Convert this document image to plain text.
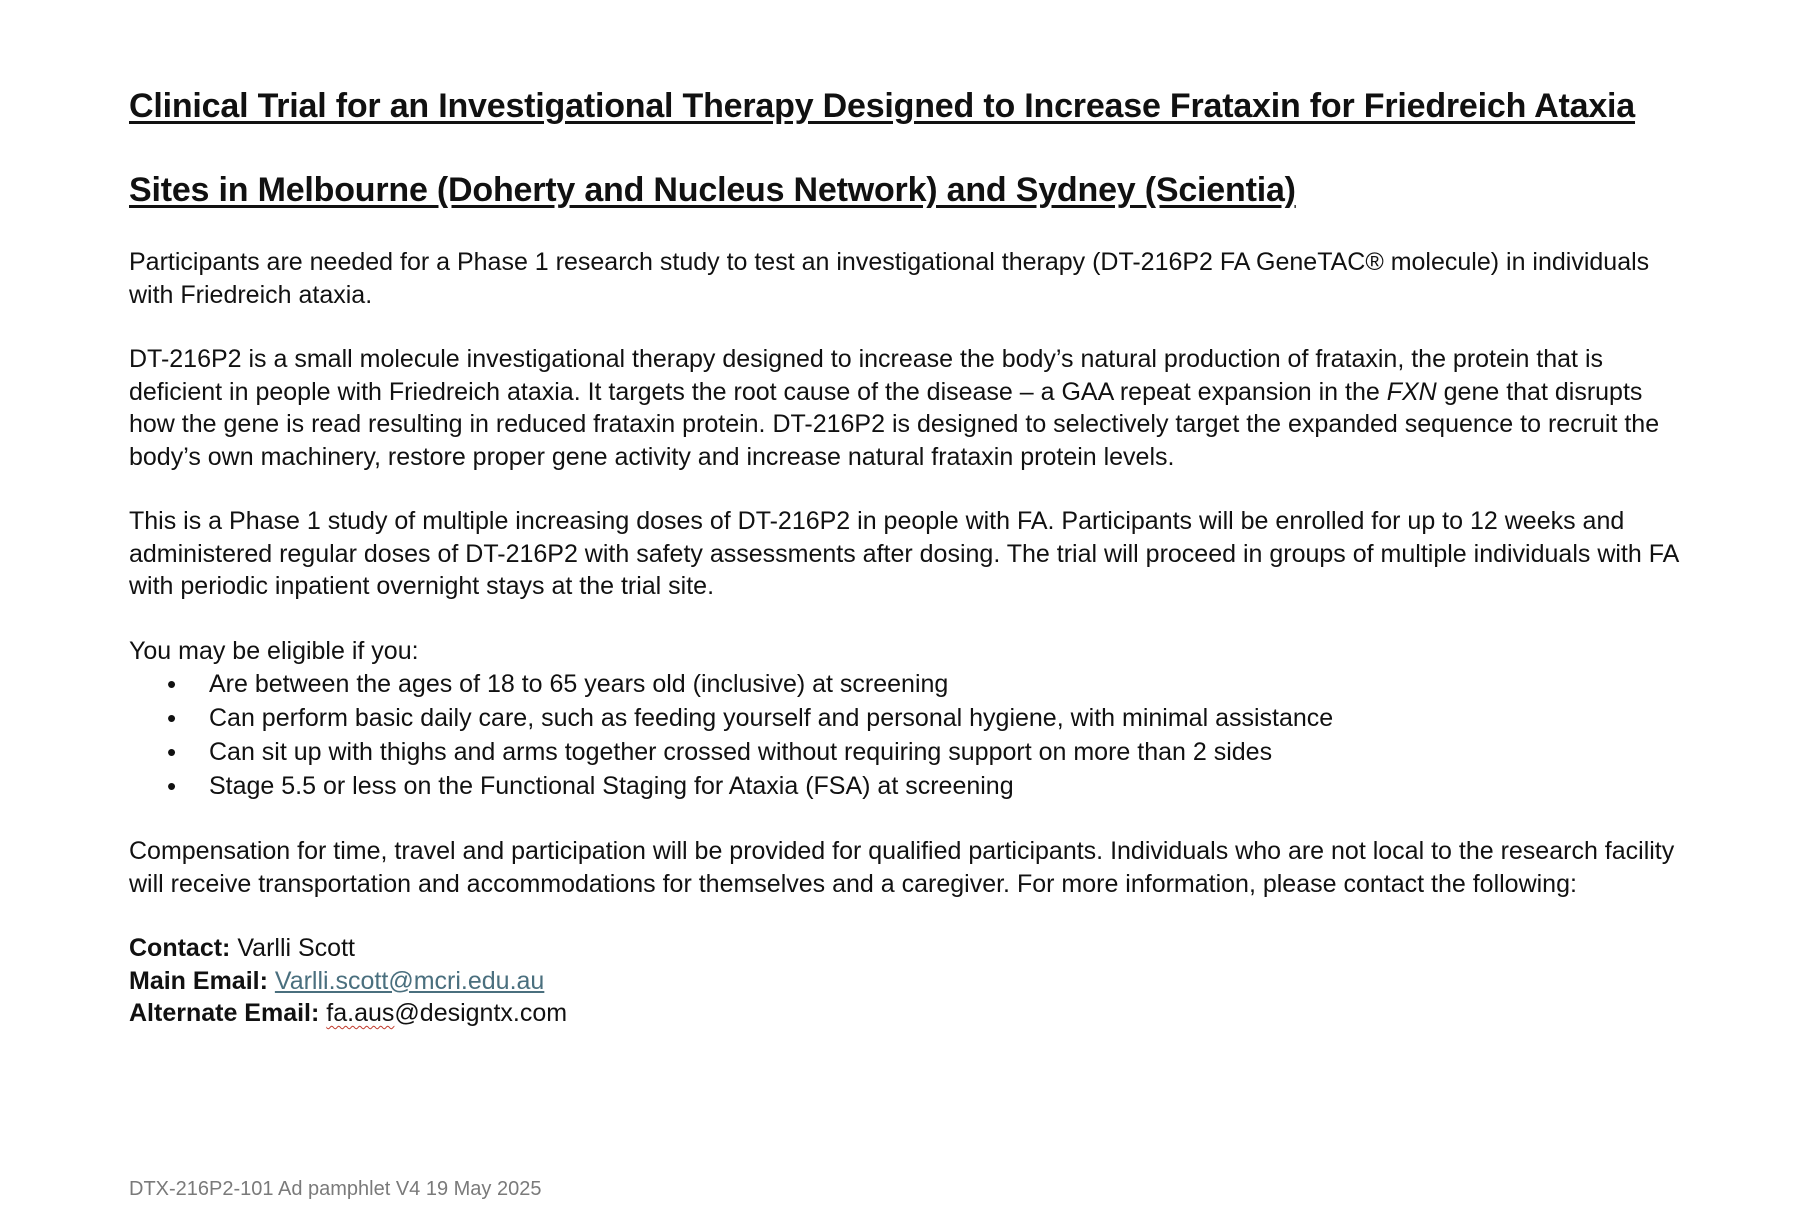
Clinical Trial for an Investigational Therapy Designed to Increase Frataxin for Friedreich Ataxia
Sites in Melbourne (Doherty and Nucleus Network) and Sydney (Scientia)

Participants are needed for a Phase 1 research study to test an investigational therapy (DT-216P2 FA GeneTAC® molecule) in individuals with Friedreich ataxia.

DT-216P2 is a small molecule investigational therapy designed to increase the body’s natural production of frataxin, the protein that is deficient in people with Friedreich ataxia. It targets the root cause of the disease – a GAA repeat expansion in the FXN gene that disrupts how the gene is read resulting in reduced frataxin protein. DT-216P2 is designed to selectively target the expanded sequence to recruit the body’s own machinery, restore proper gene activity and increase natural frataxin protein levels.

This is a Phase 1 study of multiple increasing doses of DT-216P2 in people with FA. Participants will be enrolled for up to 12 weeks and administered regular doses of DT-216P2 with safety assessments after dosing. The trial will proceed in groups of multiple individuals with FA with periodic inpatient overnight stays at the trial site.

You may be eligible if you:

• Are between the ages of 18 to 65 years old (inclusive) at screening
• Can perform basic daily care, such as feeding yourself and personal hygiene, with minimal assistance
• Can sit up with thighs and arms together crossed without requiring support on more than 2 sides
• Stage 5.5 or less on the Functional Staging for Ataxia (FSA) at screening

Compensation for time, travel and participation will be provided for qualified participants. Individuals who are not local to the research facility will receive transportation and accommodations for themselves and a caregiver. For more information, please contact the following:

Contact: Varlli Scott

Main Email: Varlli.scott@mcri.edu.au

Alternate Email: fa.aus@designtx.com

DTX-216P2-101 Ad pamphlet V4 19 May 2025
